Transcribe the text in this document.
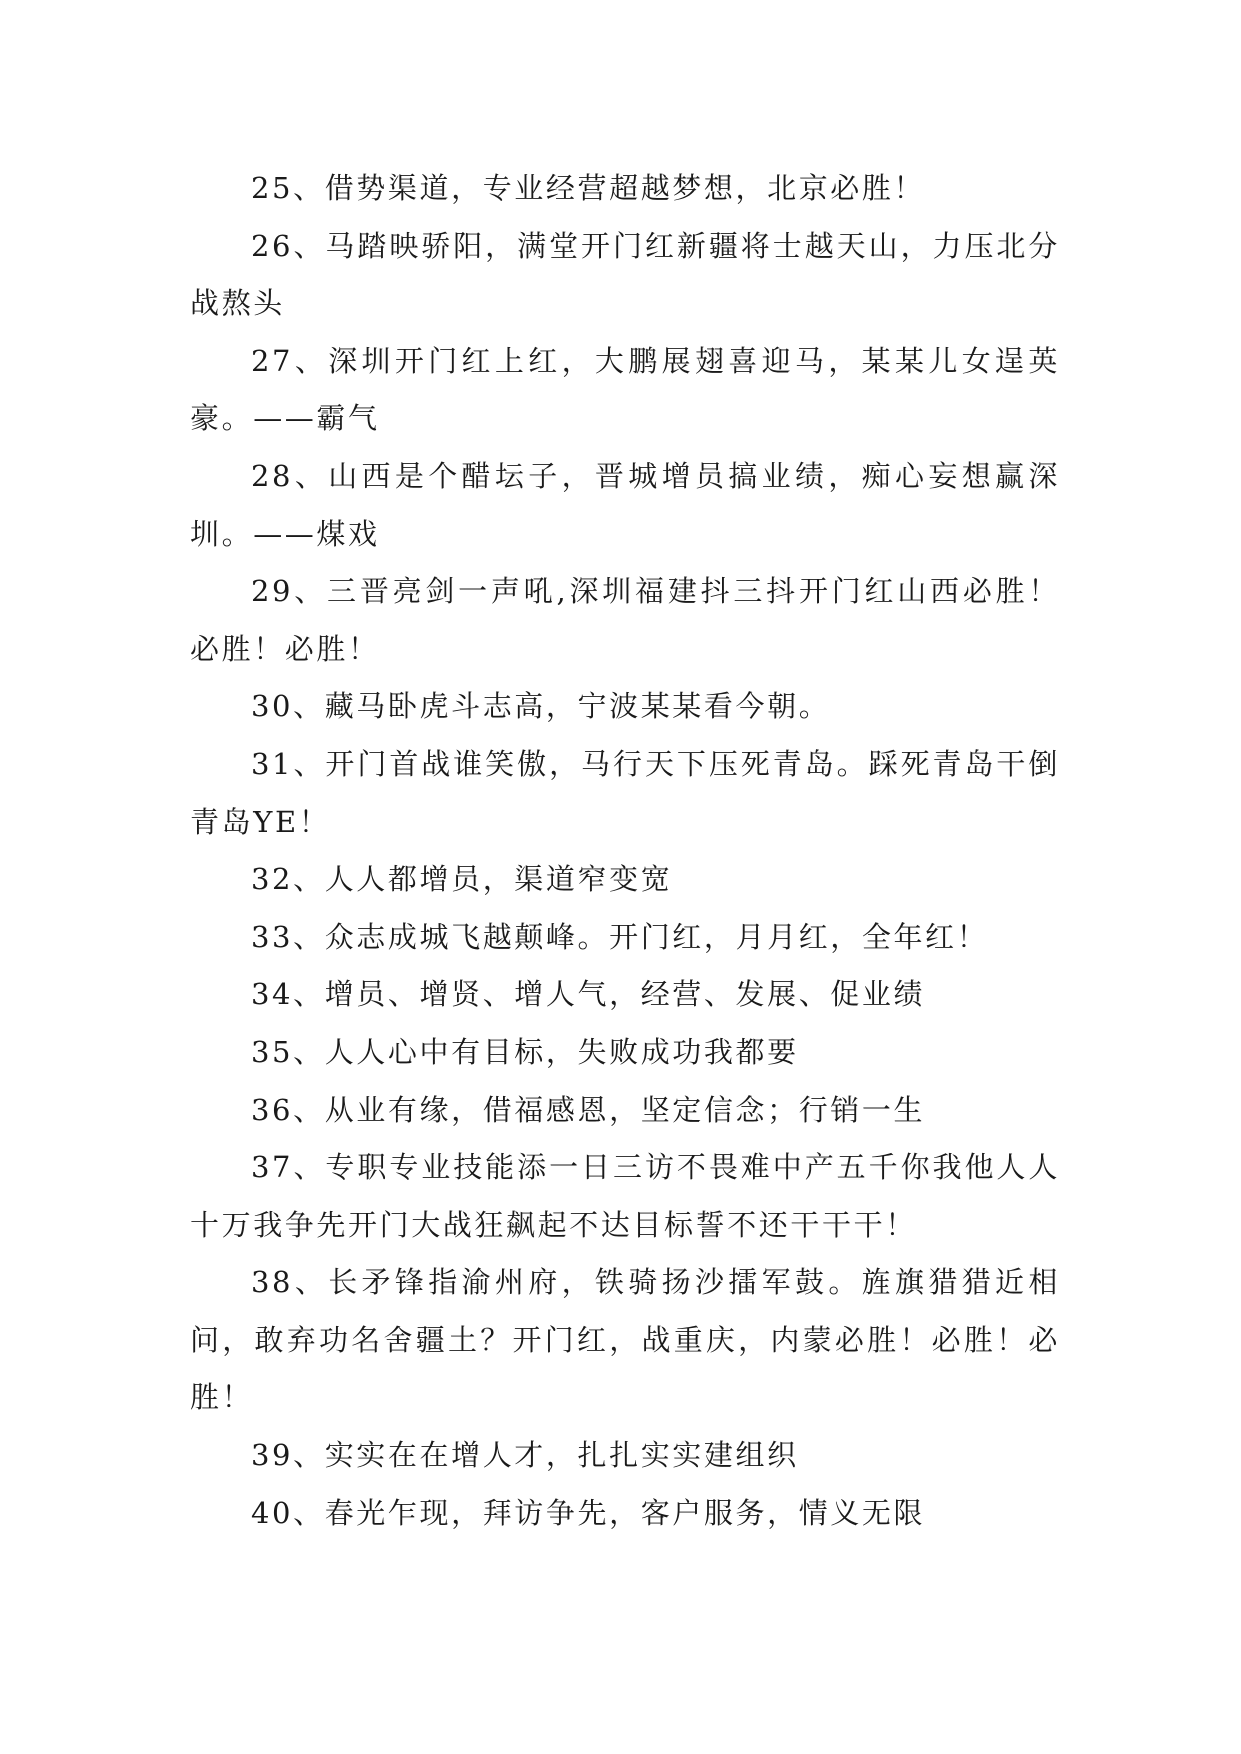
25、借势渠道，专业经营超越梦想，北京必胜！

26、马踏映骄阳，满堂开门红新疆将士越天山，力压北分战熬头

27、深圳开门红上红，大鹏展翅喜迎马，某某儿女逞英豪。——霸气

28、山西是个醋坛子，晋城增员搞业绩，痴心妄想赢深圳。——煤戏

29、三晋亮剑一声吼,深圳福建抖三抖开门红山西必胜！必胜！必胜！

30、藏马卧虎斗志高，宁波某某看今朝。

31、开门首战谁笑傲，马行天下压死青岛。踩死青岛干倒青岛YE！

32、人人都增员，渠道窄变宽

33、众志成城飞越颠峰。开门红，月月红，全年红！

34、增员、增贤、增人气，经营、发展、促业绩

35、人人心中有目标，失败成功我都要

36、从业有缘，借福感恩，坚定信念；行销一生

37、专职专业技能添一日三访不畏难中产五千你我他人人十万我争先开门大战狂飙起不达目标誓不还干干干！

38、长矛锋指渝州府，铁骑扬沙擂军鼓。旌旗猎猎近相问，敢弃功名舍疆土？开门红，战重庆，内蒙必胜！必胜！必胜！

39、实实在在增人才，扎扎实实建组织

40、春光乍现，拜访争先，客户服务，情义无限
